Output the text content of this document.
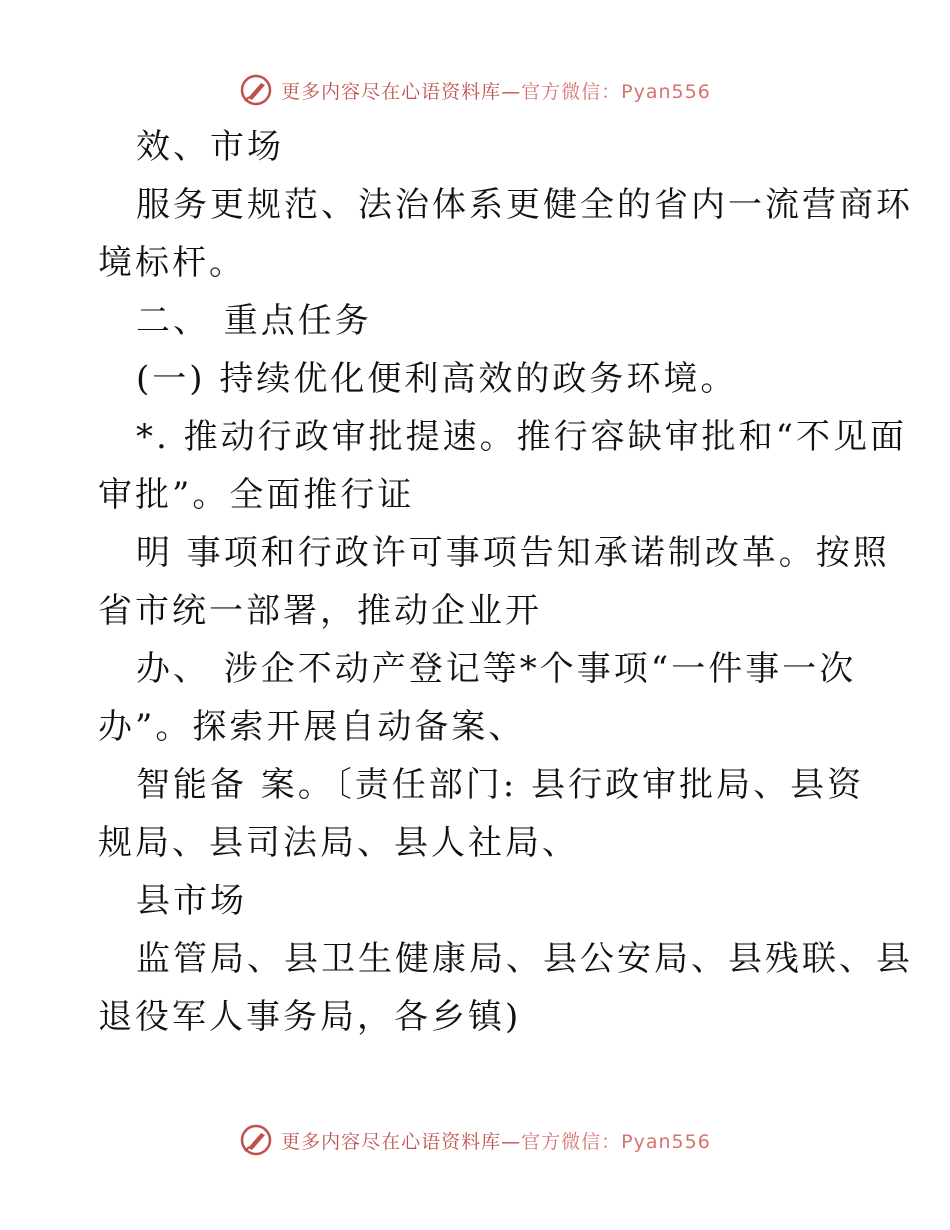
更多内容尽在心语资料库—官方微信：Pyan556
效、市场
服务更规范、法治体系更健全的省内一流营商环
境标杆。
二、 重点任务
(一) 持续优化便利高效的政务环境。
*. 推动行政审批提速。推行容缺审批和“不见面
审批”。全面推行证
明 事项和行政许可事项告知承诺制改革。按照
省市统一部署，推动企业开
办、 涉企不动产登记等*个事项“一件事一次
办”。探索开展自动备案、
智能备 案。〔责任部门: 县行政审批局、县资
规局、县司法局、县人社局、
县市场
监管局、县卫生健康局、县公安局、县残联、县
退役军人事务局，各乡镇)
更多内容尽在心语资料库—官方微信：Pyan556
